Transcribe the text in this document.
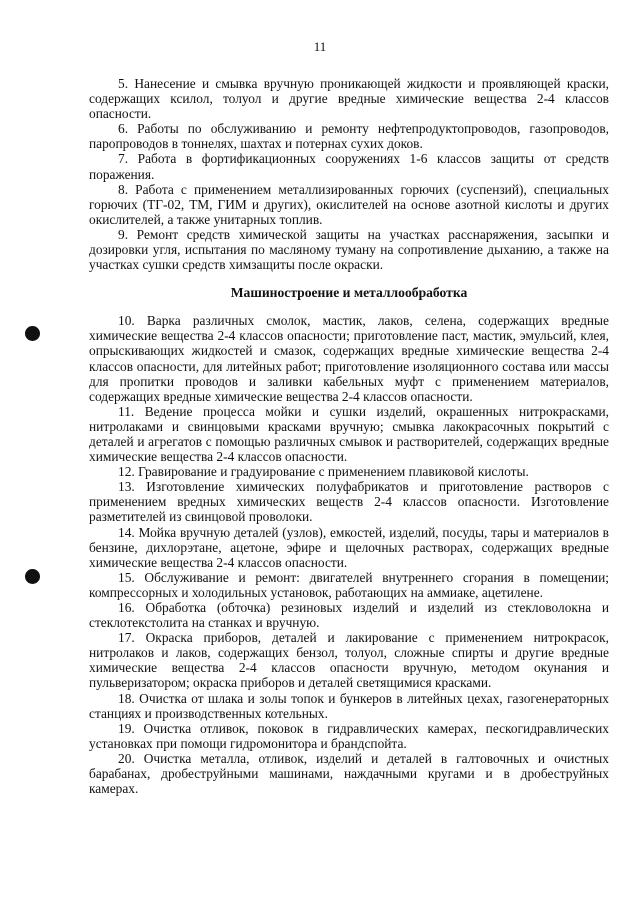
11

5. Нанесение и смывка вручную проникающей жидкости и проявляющей краски, содержащих ксилол, толуол и другие вредные химические вещества 2-4 классов опасности.

6. Работы по обслуживанию и ремонту нефтепродуктопроводов, газопроводов, паропроводов в тоннелях, шахтах и потернах сухих доков.

7. Работа в фортификационных сооружениях 1-6 классов защиты от средств поражения.

8. Работа с применением металлизированных горючих (суспензий), специальных горючих (ТГ-02, ТМ, ГИМ и других), окислителей на основе азотной кислоты и других окислителей, а также унитарных топлив.

9. Ремонт средств химической защиты на участках расснаряжения, засыпки и дозировки угля, испытания по масляному туману на сопротивление дыханию, а также на участках сушки средств химзащиты после окраски.

Машиностроение и металлообработка

10. Варка различных смолок, мастик, лаков, селена, содержащих вредные химические вещества 2-4 классов опасности; приготовление паст, мастик, эмульсий, клея, опрыскивающих жидкостей и смазок, содержащих вредные химические вещества 2-4 классов опасности, для литейных работ; приготовление изоляционного состава или массы для пропитки проводов и заливки кабельных муфт с применением материалов, содержащих вредные химические вещества 2-4 классов опасности.

11. Ведение процесса мойки и сушки изделий, окрашенных нитрокрасками, нитролаками и свинцовыми красками вручную; смывка лакокрасочных покрытий с деталей и агрегатов с помощью различных смывок и растворителей, содержащих вредные химические вещества 2-4 классов опасности.

12. Гравирование и градуирование с применением плавиковой кислоты.

13. Изготовление химических полуфабрикатов и приготовление растворов с применением вредных химических веществ 2-4 классов опасности. Изготовление разметителей из свинцовой проволоки.

14. Мойка вручную деталей (узлов), емкостей, изделий, посуды, тары и материалов в бензине, дихлорэтане, ацетоне, эфире и щелочных растворах, содержащих вредные химические вещества 2-4 классов опасности.

15. Обслуживание и ремонт: двигателей внутреннего сгорания в помещении; компрессорных и холодильных установок, работающих на аммиаке, ацетилене.

16. Обработка (обточка) резиновых изделий и изделий из стекловолокна и стеклотекстолита на станках и вручную.

17. Окраска приборов, деталей и лакирование с применением нитрокрасок, нитролаков и лаков, содержащих бензол, толуол, сложные спирты и другие вредные химические вещества 2-4 классов опасности вручную, методом окунания и пульверизатором; окраска приборов и деталей светящимися красками.

18. Очистка от шлака и золы топок и бункеров в литейных цехах, газогенераторных станциях и производственных котельных.

19. Очистка отливок, поковок в гидравлических камерах, пескогидравлических установках при помощи гидромонитора и брандспойта.

20. Очистка металла, отливок, изделий и деталей в галтовочных и очистных барабанах, дробеструйными машинами, наждачными кругами и в дробеструйных камерах.
